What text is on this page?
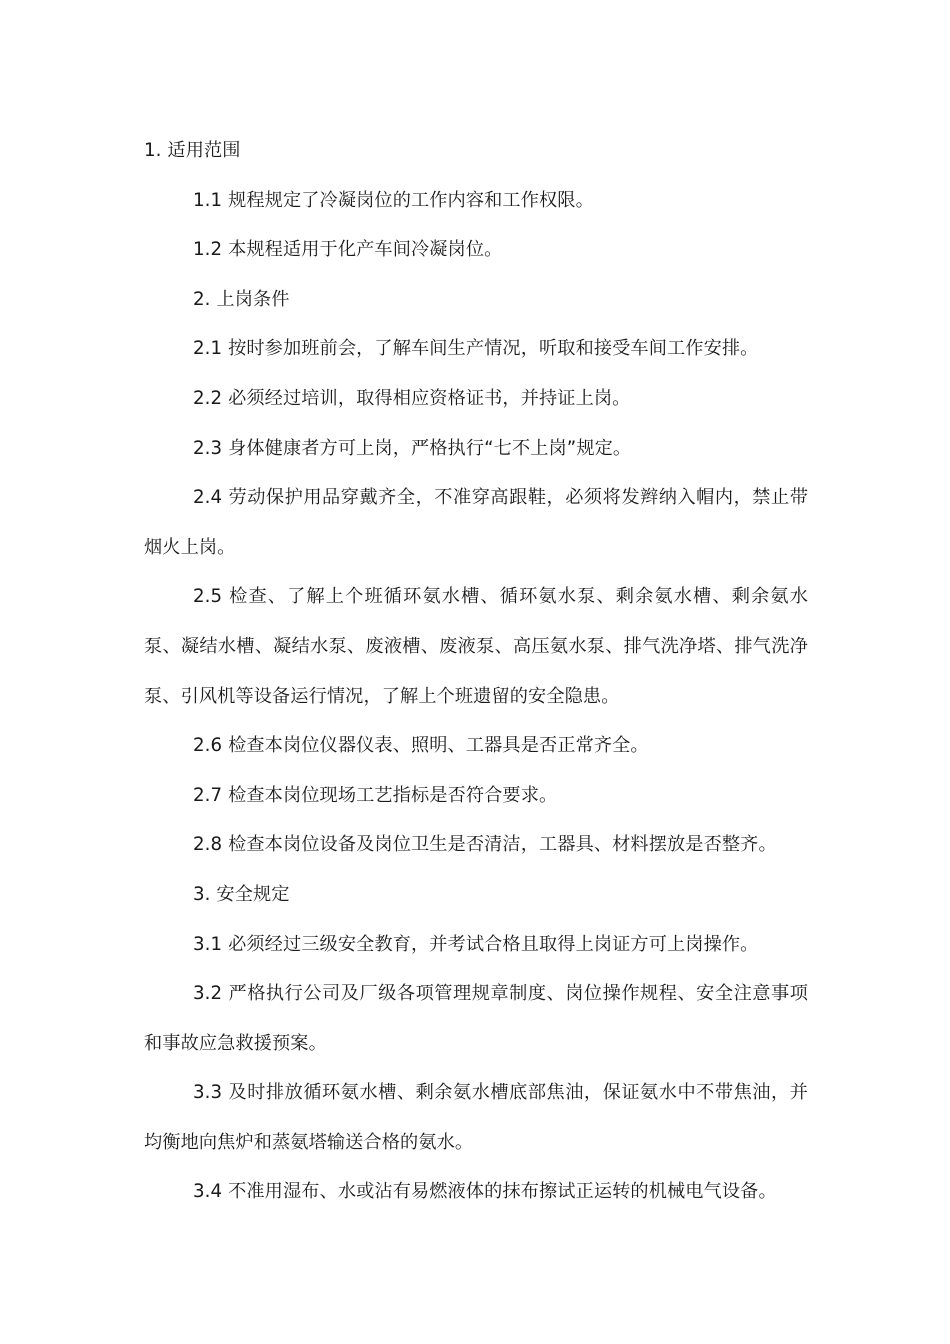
1. 适用范围

1.1 规程规定了冷凝岗位的工作内容和工作权限。

1.2 本规程适用于化产车间冷凝岗位。

2. 上岗条件

2.1 按时参加班前会，了解车间生产情况，听取和接受车间工作安排。

2.2 必须经过培训，取得相应资格证书，并持证上岗。

2.3 身体健康者方可上岗，严格执行“七不上岗”规定。

2.4 劳动保护用品穿戴齐全，不准穿高跟鞋，必须将发辫纳入帽内，禁止带烟火上岗。

2.5 检查、了解上个班循环氨水槽、循环氨水泵、剩余氨水槽、剩余氨水泵、凝结水槽、凝结水泵、废液槽、废液泵、高压氨水泵、排气洗净塔、排气洗净泵、引风机等设备运行情况，了解上个班遗留的安全隐患。

2.6 检查本岗位仪器仪表、照明、工器具是否正常齐全。

2.7 检查本岗位现场工艺指标是否符合要求。

2.8 检查本岗位设备及岗位卫生是否清洁，工器具、材料摆放是否整齐。

3. 安全规定

3.1 必须经过三级安全教育，并考试合格且取得上岗证方可上岗操作。

3.2 严格执行公司及厂级各项管理规章制度、岗位操作规程、安全注意事项和事故应急救援预案。

3.3 及时排放循环氨水槽、剩余氨水槽底部焦油，保证氨水中不带焦油，并均衡地向焦炉和蒸氨塔输送合格的氨水。

3.4 不准用湿布、水或沾有易燃液体的抹布擦试正运转的机械电气设备。
